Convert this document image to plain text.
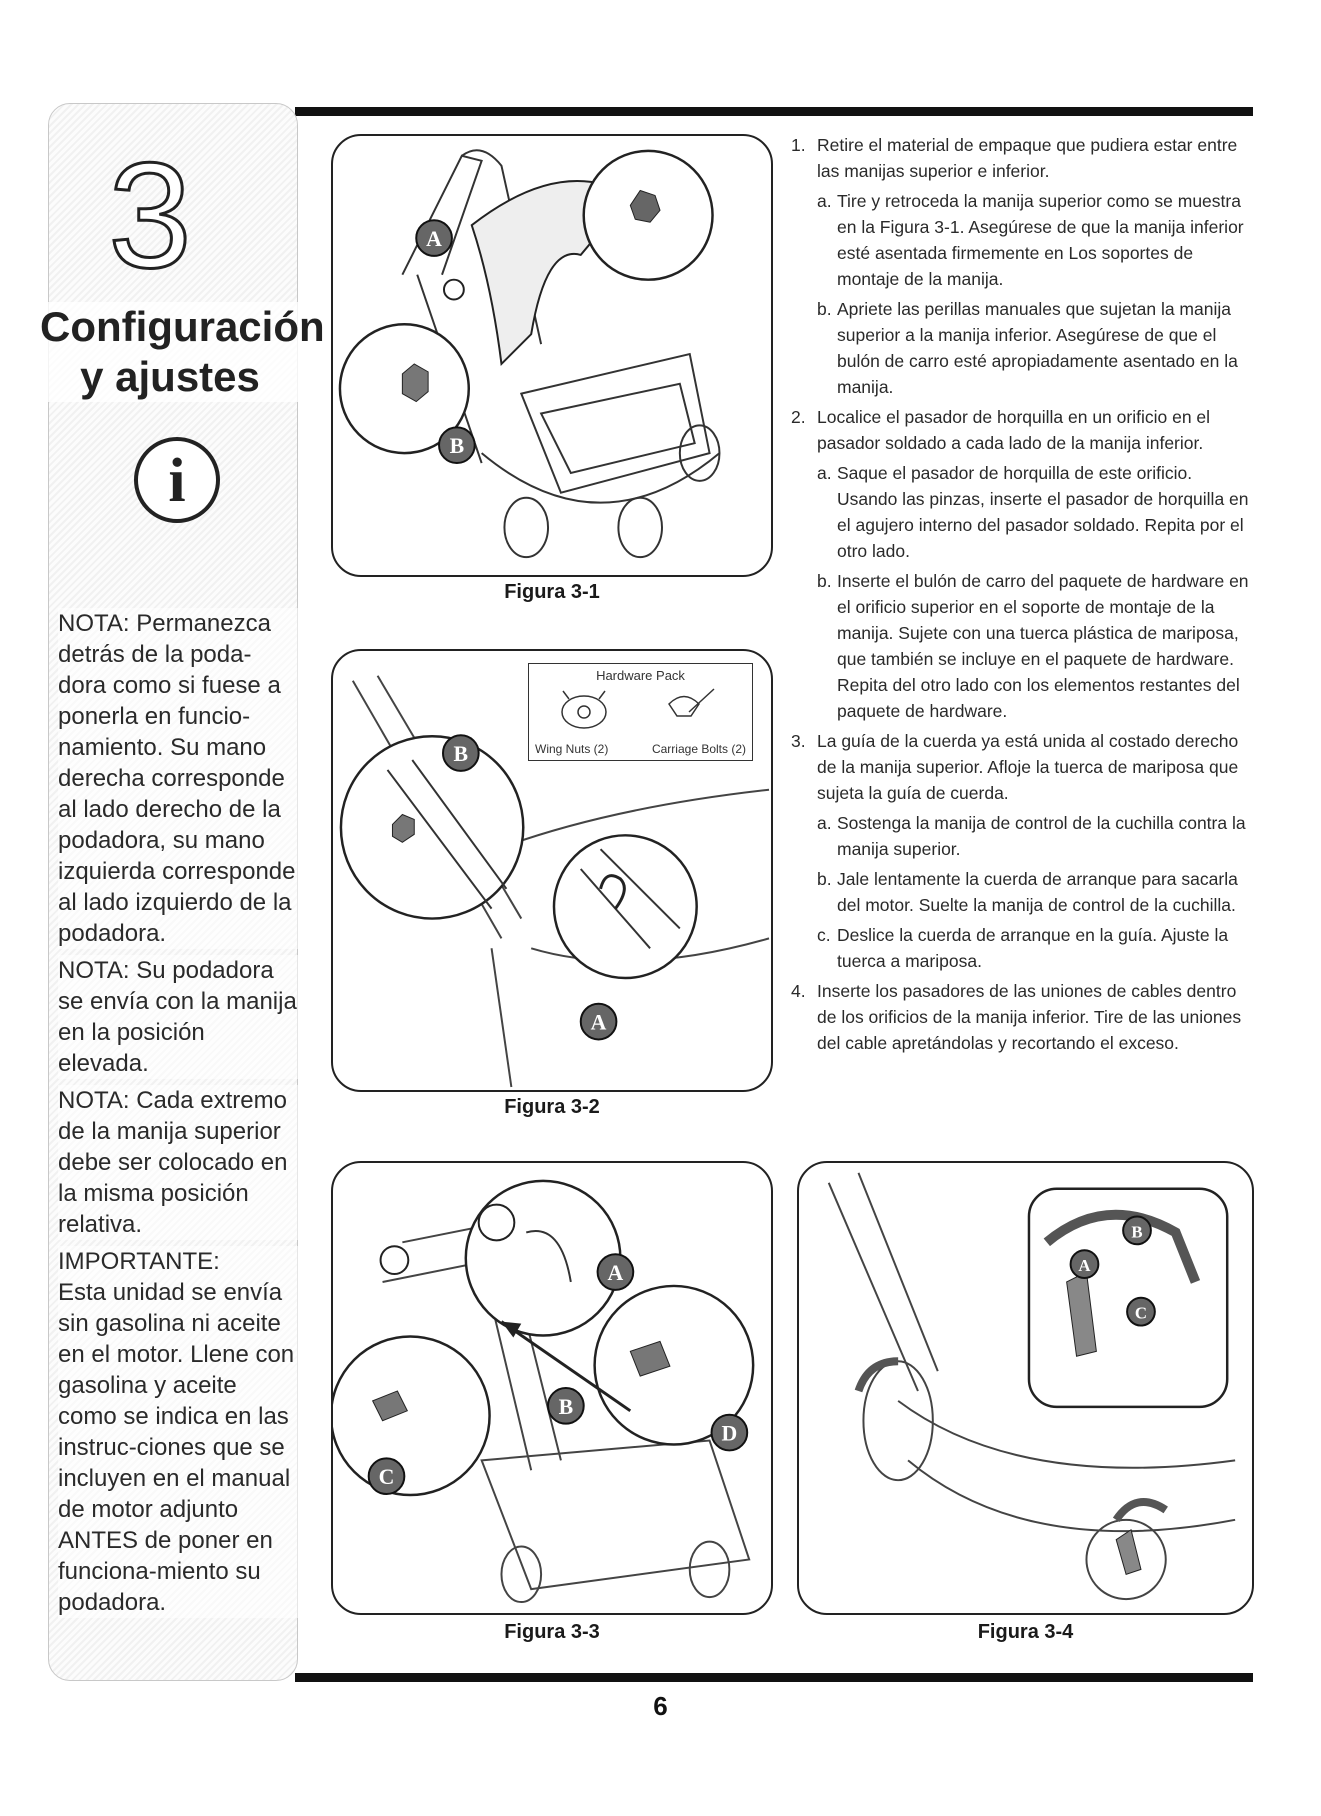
3
Configuración
y ajustes
i

NOTA: Permanezca detrás de la poda-dora como si fuese a ponerla en funcio-namiento. Su mano derecha corresponde al lado derecho de la podadora, su mano izquierda corresponde al lado izquierdo de la podadora.

NOTA: Su podadora se envía con la manija en la posición elevada.

NOTA: Cada extremo de la manija superior debe ser colocado en la misma posición relativa.

IMPORTANTE:

Esta unidad se envía sin gasolina ni aceite en el motor. Llene con gasolina y aceite como se indica en las instruc-ciones que se incluyen en el manual de motor adjunto ANTES de poner en funciona-miento su podadora.

A
B
Figura 3-1
B
A
Hardware Pack
Wing Nuts (2)	Carriage Bolts (2)
Figura 3-2
A
B
C
D
Figura 3-3
A
B
C
Figura 3-4
1. Retire el material de empaque que pudiera estar entre las manijas superior e inferior.
a. Tire y retroceda la manija superior como se muestra en la Figura 3-1. Asegúrese de que la manija inferior esté asentada firmemente en Los soportes de montaje de la manija.
b. Apriete las perillas manuales que sujetan la manija superior a la manija inferior. Asegúrese de que el bulón de carro esté apropiadamente asentado en la manija.
2. Localice el pasador de horquilla en un orificio en el pasador soldado a cada lado de la manija inferior.
a. Saque el pasador de horquilla de este orificio. Usando las pinzas, inserte el pasador de horquilla en el agujero interno del pasador soldado. Repita por el otro lado.
b. Inserte el bulón de carro del paquete de hardware en el orificio superior en el soporte de montaje de la manija. Sujete con una tuerca plástica de mariposa, que también se incluye en el paquete de hardware. Repita del otro lado con los elementos restantes del paquete de hardware.
3. La guía de la cuerda ya está unida al costado derecho de la manija superior. Afloje la tuerca de mariposa que sujeta la guía de cuerda.
a. Sostenga la manija de control de la cuchilla contra la manija superior.
b. Jale lentamente la cuerda de arranque para sacarla del motor. Suelte la manija de control de la cuchilla.
c. Deslice la cuerda de arranque en la guía. Ajuste la tuerca a mariposa.
4. Inserte los pasadores de las uniones de cables dentro de los orificios de la manija inferior. Tire de las uniones del cable apretándolas y recortando el exceso.
6
